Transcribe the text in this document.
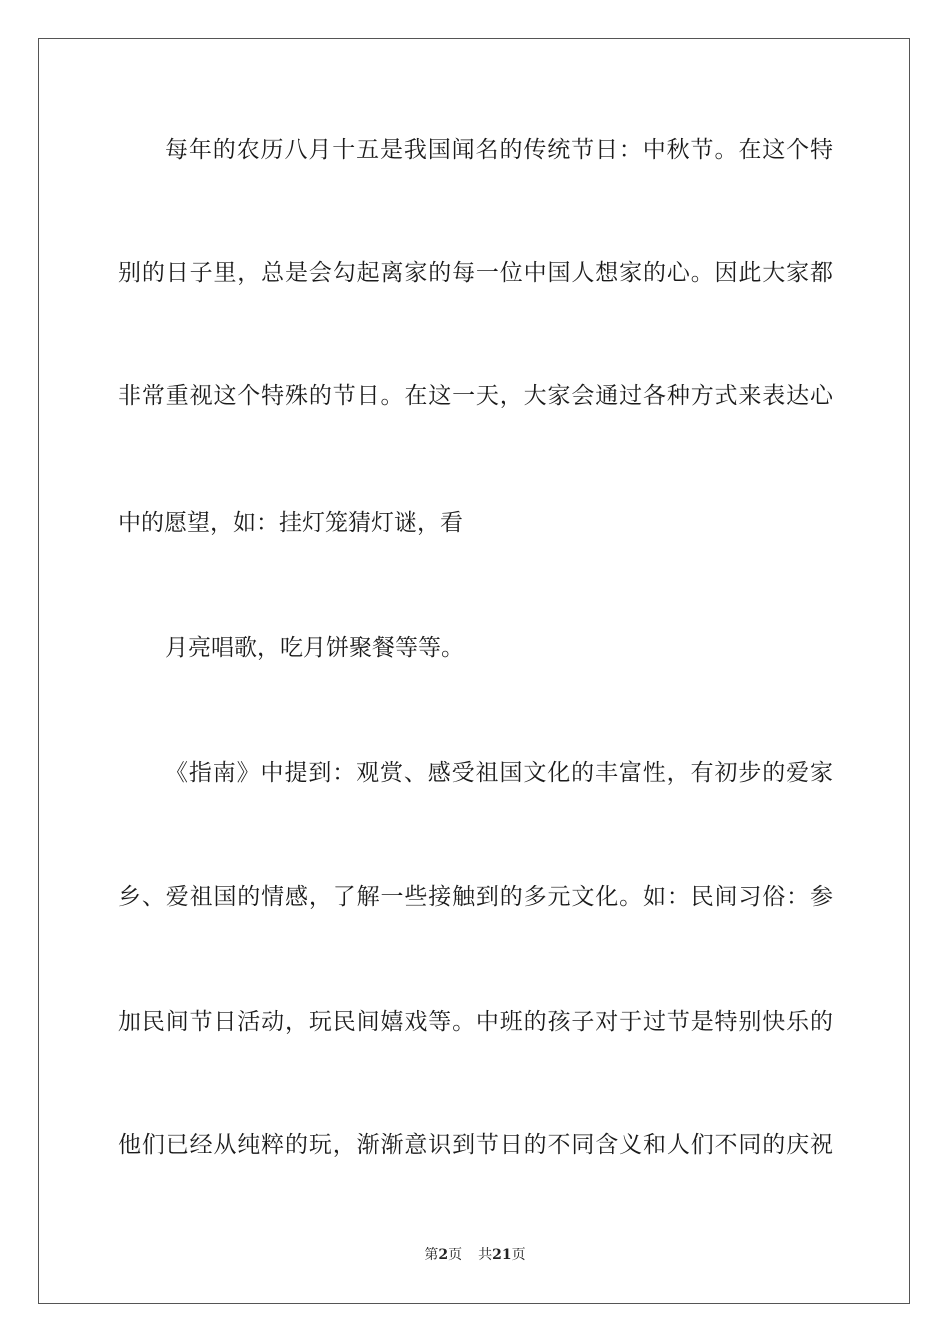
每年的农历八月十五是我国闻名的传统节日：中秋节。在这个特
别的日子里，总是会勾起离家的每一位中国人想家的心。因此大家都
非常重视这个特殊的节日。在这一天，大家会通过各种方式来表达心
中的愿望，如：挂灯笼猜灯谜，看
月亮唱歌，吃月饼聚餐等等。
《指南》中提到：观赏、感受祖国文化的丰富性，有初步的爱家
乡、爱祖国的情感，了解一些接触到的多元文化。如：民间习俗：参
加民间节日活动，玩民间嬉戏等。中班的孩子对于过节是特别快乐的
他们已经从纯粹的玩，渐渐意识到节日的不同含义和人们不同的庆祝
第2页 共21页
